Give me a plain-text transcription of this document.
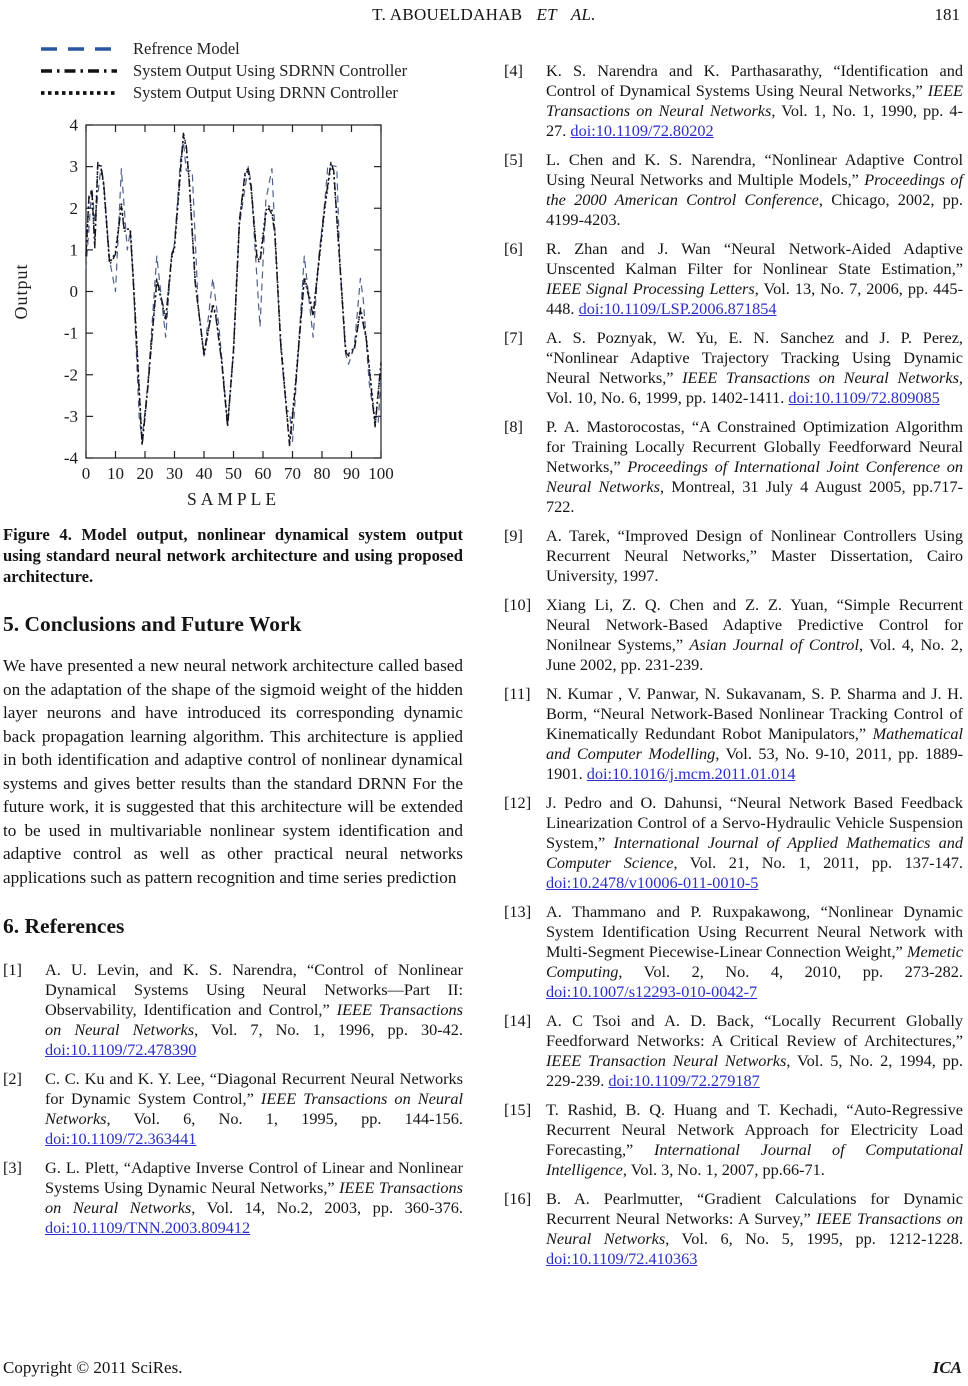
T. ABOUELDAHAB ET AL.	181
Refrence Model
System Output Using SDRNN Controller
System Output Using DRNN Controller
-4
-3
-2
-1
0
1
2
3
4
0 10 20 30 40 50 60 70 80 90 100
Output
SAMPLE
Figure 4. Model output, nonlinear dynamical system output using standard neural network architecture and using proposed architecture.
5. Conclusions and Future Work

We have presented a new neural network architecture called based on the adaptation of the shape of the sigmoid weight of the hidden layer neurons and have introduced its corresponding dynamic back propagation learning algorithm. This architecture is applied in both identification and adaptive control of nonlinear dynamical systems and gives better results than the standard DRNN For the future work, it is suggested that this architecture will be extended to be used in multivariable nonlinear system identification and adaptive control as well as other practical neural networks applications such as pattern recognition and time series prediction

6. References
[1] A. U. Levin, and K. S. Narendra, “Control of Nonlinear Dynamical Systems Using Neural Networks—Part II: Observability, Identification and Control,” IEEE Transactions on Neural Networks, Vol. 7, No. 1, 1996, pp. 30-42. doi:10.1109/72.478390
[2] C. C. Ku and K. Y. Lee, “Diagonal Recurrent Neural Networks for Dynamic System Control,” IEEE Transactions on Neural Networks, Vol. 6, No. 1, 1995, pp. 144-156. doi:10.1109/72.363441
[3] G. L. Plett, “Adaptive Inverse Control of Linear and Nonlinear Systems Using Dynamic Neural Networks,” IEEE Transactions on Neural Networks, Vol. 14, No.2, 2003, pp. 360-376. doi:10.1109/TNN.2003.809412
[4] K. S. Narendra and K. Parthasarathy, “Identification and Control of Dynamical Systems Using Neural Networks,” IEEE Transactions on Neural Networks, Vol. 1, No. 1, 1990, pp. 4-27. doi:10.1109/72.80202
[5] L. Chen and K. S. Narendra, “Nonlinear Adaptive Control Using Neural Networks and Multiple Models,” Proceedings of the 2000 American Control Conference, Chicago, 2002, pp. 4199-4203.
[6] R. Zhan and J. Wan “Neural Network-Aided Adaptive Unscented Kalman Filter for Nonlinear State Estimation,” IEEE Signal Processing Letters, Vol. 13, No. 7, 2006, pp. 445-448. doi:10.1109/LSP.2006.871854
[7] A. S. Poznyak, W. Yu, E. N. Sanchez and J. P. Perez, “Nonlinear Adaptive Trajectory Tracking Using Dynamic Neural Networks,” IEEE Transactions on Neural Networks, Vol. 10, No. 6, 1999, pp. 1402-1411. doi:10.1109/72.809085
[8] P. A. Mastorocostas, “A Constrained Optimization Algorithm for Training Locally Recurrent Globally Feedforward Neural Networks,” Proceedings of International Joint Conference on Neural Networks, Montreal, 31 July 4 August 2005, pp.717-722.
[9] A. Tarek, “Improved Design of Nonlinear Controllers Using Recurrent Neural Networks,” Master Dissertation, Cairo University, 1997.
[10] Xiang Li, Z. Q. Chen and Z. Z. Yuan, “Simple Recurrent Neural Network-Based Adaptive Predictive Control for Nonilnear Systems,” Asian Journal of Control, Vol. 4, No. 2, June 2002, pp. 231-239.
[11] N. Kumar , V. Panwar, N. Sukavanam, S. P. Sharma and J. H. Borm, “Neural Network-Based Nonlinear Tracking Control of Kinematically Redundant Robot Manipulators,” Mathematical and Computer Modelling, Vol. 53, No. 9-10, 2011, pp. 1889-1901. doi:10.1016/j.mcm.2011.01.014
[12] J. Pedro and O. Dahunsi, “Neural Network Based Feedback Linearization Control of a Servo-Hydraulic Vehicle Suspension System,” International Journal of Applied Mathematics and Computer Science, Vol. 21, No. 1, 2011, pp. 137-147. doi:10.2478/v10006-011-0010-5
[13] A. Thammano and P. Ruxpakawong, “Nonlinear Dynamic System Identification Using Recurrent Neural Network with Multi-Segment Piecewise-Linear Connection Weight,” Memetic Computing, Vol. 2, No. 4, 2010, pp. 273-282. doi:10.1007/s12293-010-0042-7
[14] A. C Tsoi and A. D. Back, “Locally Recurrent Globally Feedforward Networks: A Critical Review of Architectures,” IEEE Transaction Neural Networks, Vol. 5, No. 2, 1994, pp. 229-239. doi:10.1109/72.279187
[15] T. Rashid, B. Q. Huang and T. Kechadi, “Auto-Regressive Recurrent Neural Network Approach for Electricity Load Forecasting,” International Journal of Computational Intelligence, Vol. 3, No. 1, 2007, pp.66-71.
[16] B. A. Pearlmutter, “Gradient Calculations for Dynamic Recurrent Neural Networks: A Survey,” IEEE Transactions on Neural Networks, Vol. 6, No. 5, 1995, pp. 1212-1228. doi:10.1109/72.410363
Copyright © 2011 SciRes.	ICA
